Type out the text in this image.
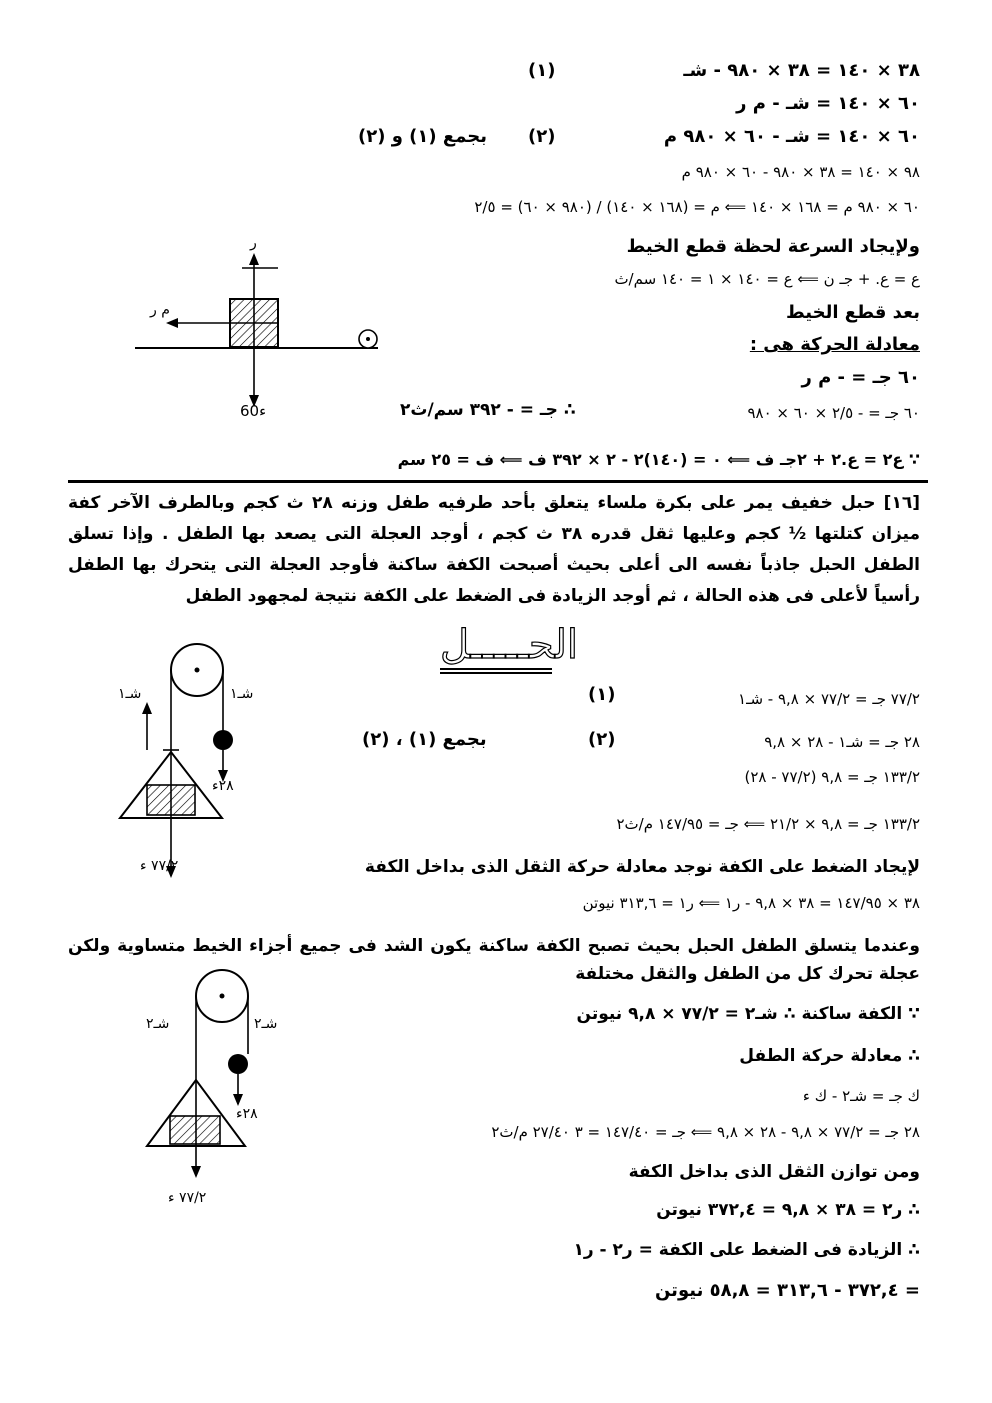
٣٨ × ١٤٠ = ٣٨ × ٩٨٠ - شـ
(١)
٦٠ × ١٤٠ = شـ - م ر
٦٠ × ١٤٠ = شـ - ٦٠ × ٩٨٠ م
(٢)
بجمع (١) و (٢)
٩٨ × ١٤٠ = ٣٨ × ٩٨٠ - ٦٠ × ٩٨٠ م
٦٠ × ٩٨٠ م = ١٦٨ × ١٤٠ ⟸ م = (١٦٨ × ١٤٠) / (٩٨٠ × ٦٠) = ٢/٥
ولإيجاد السرعة لحظة قطع الخيط
ع = ع. + جـ ن ⟸ ع = ١٤٠ × ١ = ١٤٠ سم/ث
بعد قطع الخيط
معادلة الحركة هى :
٦٠ جـ = - م ر
٦٠ جـ = - ٢/٥ × ٦٠ × ٩٨٠
∴ جـ = - ٣٩٢ سم/ث٢
∵ ع٢ = ع.٢ + ٢جـ ف ⟸ ٠ = (١٤٠)٢ - ٢ × ٣٩٢ ف ⟸ ف = ٢٥ سم
ر
م ر
60ء
[١٦] حبل خفيف يمر على بكرة ملساء يتعلق بأحد طرفيه طفل وزنه ٢٨ ث كجم وبالطرف الآخر كفة ميزان كتلتها ½ كجم وعليها ثقل قدره ٣٨ ث كجم ، أوجد العجلة التى يصعد بها الطفل . وإذا تسلق الطفل الحبل جاذباً نفسه الى أعلى بحيث أصبحت الكفة ساكنة فأوجد العجلة التى يتحرك بها الطفل رأسياً لأعلى فى هذه الحالة ، ثم أوجد الزيادة فى الضغط على الكفة نتيجة لمجهود الطفل
الحـــــل
٧٧/٢ جـ = ٧٧/٢ × ٩,٨ - شـ١
(١)
٢٨ جـ = شـ١ - ٢٨ × ٩,٨
(٢)
بجمع (١) ، (٢)
١٣٣/٢ جـ = ٩,٨ (٧٧/٢ - ٢٨)
١٣٣/٢ جـ = ٩,٨ × ٢١/٢ ⟸ جـ = ١٤٧/٩٥ م/ث٢
لإيجاد الضغط على الكفة نوجد معادلة حركة الثقل الذى بداخل الكفة
٣٨ × ١٤٧/٩٥ = ٣٨ × ٩,٨ - ر١ ⟸ ر١ = ٣١٣,٦ نيوتن
وعندما يتسلق الطفل الحبل بحيث تصبح الكفة ساكنة يكون الشد فى جميع أجزاء الخيط متساوية ولكن عجلة تحرك كل من الطفل والثقل مختلفة
∵ الكفة ساكنة ∴ شـ٢ = ٧٧/٢ × ٩,٨ نيوتن
∴ معادلة حركة الطفل
ك جـ = شـ٢ - ك ء
٢٨ جـ = ٧٧/٢ × ٩,٨ - ٢٨ × ٩,٨ ⟸ جـ = ١٤٧/٤٠ = ٣ ٢٧/٤٠ م/ث٢
ومن توازن الثقل الذى بداخل الكفة
∴ ر٢ = ٣٨ × ٩,٨ = ٣٧٢,٤ نيوتن
∴ الزيادة فى الضغط على الكفة = ر٢ - ر١
= ٣٧٢,٤ - ٣١٣,٦ = ٥٨,٨ نيوتن
شـ١	شـ١
٢٨ء
٧٧/٢ ء
شـ٢	شـ٢
٢٨ء
٧٧/٢ ء
